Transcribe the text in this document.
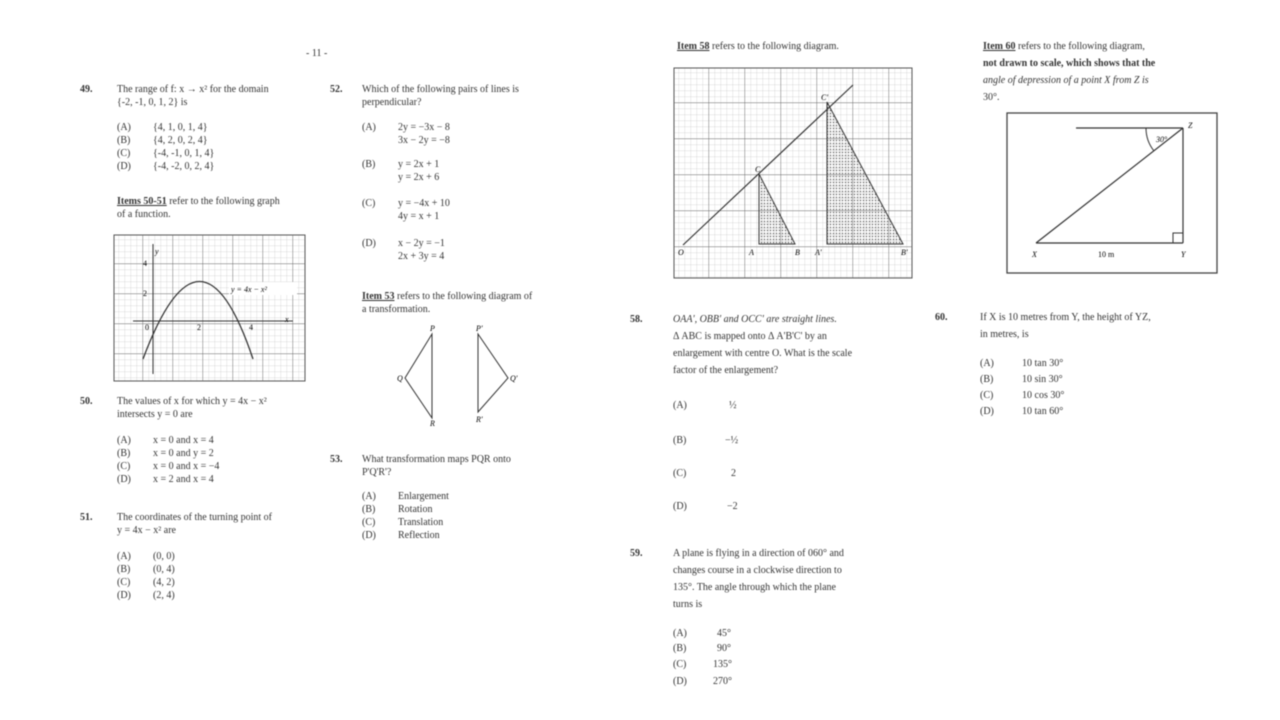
- 11 -
49. The range of f: x → x² for the domain
{-2, -1, 0, 1, 2} is
(A) {4, 1, 0, 1, 4}
(B) {4, 2, 0, 2, 4}
(C) {-4, -1, 0, 1, 4}
(D) {-4, -2, 0, 2, 4}
Items 50-51 refer to the following graph
of a function.
y = 4x − x²
4
2
0	2	4
x
y
50. The values of x for which y = 4x − x²
intersects y = 0 are
(A) x = 0 and x = 4
(B) x = 0 and y = 2
(C) x = 0 and x = −4
(D) x = 2 and x = 4
51. The coordinates of the turning point of
y = 4x − x² are
(A) (0, 0)
(B) (0, 4)
(C) (4, 2)
(D) (2, 4)
52. Which of the following pairs of lines is
perpendicular?
(A) 2y = −3x − 8
3x − 2y = −8
(B) y = 2x + 1
y = 2x + 6
(C) y = −4x + 10
4y = x + 1
(D) x − 2y = −1
2x + 3y = 4
Item 53 refers to the following diagram of
a transformation.
P
Q
R
P'
Q'
R'
53. What transformation maps PQR onto
P'Q'R'?
(A) Enlargement
(B) Rotation
(C) Translation
(D) Reflection
Item 58 refers to the following diagram.
O	A	B
C
A'	B'
C'
58.	OAA', OBB' and OCC' are straight lines.
Δ ABC is mapped onto Δ A'B'C' by an
enlargement with centre O. What is the scale
factor of the enlargement?
(A)	½
(B)	−½
(C)	2
(D)	−2
59.	A plane is flying in a direction of 060° and
changes course in a clockwise direction to
135°. The angle through which the plane
turns is
(A)	45°
(B)	90°
(C)	135°
(D)	270°
Item 60 refers to the following diagram,
not drawn to scale, which shows that the
angle of depression of a point X from Z is
30°.
30°
10 m
X	Y
Z
60.	If X is 10 metres from Y, the height of YZ,
in metres, is
(A)	10 tan 30°
(B)	10 sin 30°
(C)	10 cos 30°
(D)	10 tan 60°
